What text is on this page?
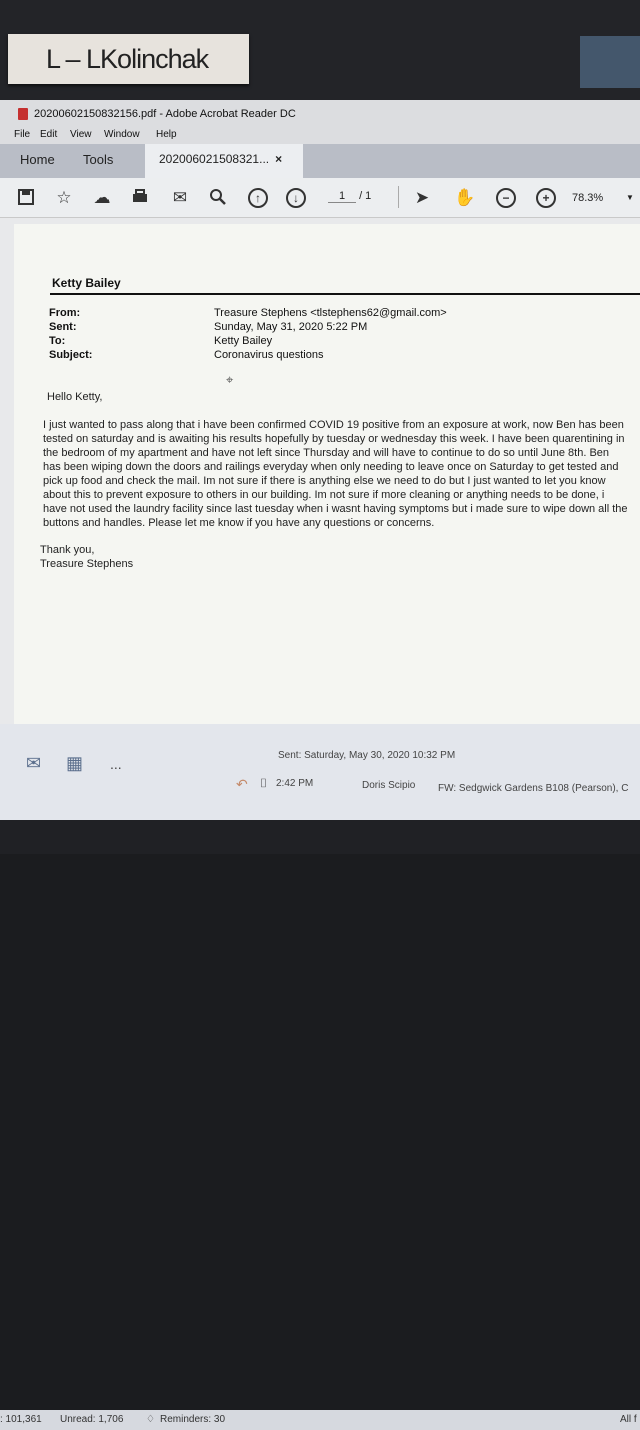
L – LKolinchak
20200602150832156.pdf - Adobe Acrobat Reader DC
File Edit View Window Help
Home Tools	202006021508321... ×
☆ ☁	✉	↑	↓	1 / 1	➤ ✋	−	+	78.3%	▼
Ketty Bailey
From:	Treasure Stephens <tlstephens62@gmail.com>
Sent:	Sunday, May 31, 2020 5:22 PM
To:	Ketty Bailey
Subject:	Coronavirus questions
⌖
Hello Ketty,
I just wanted to pass along that i have been confirmed COVID 19 positive from an exposure at work, now Ben has been
tested on saturday and is awaiting his results hopefully by tuesday or wednesday this week. I have been quarentining in
the bedroom of my apartment and have not left since Thursday and will have to continue to do so until June 8th. Ben
has been wiping down the doors and railings everyday when only needing to leave once on Saturday to get tested and
pick up food and check the mail. Im not sure if there is anything else we need to do but I just wanted to let you know
about this to prevent exposure to others in our building. Im not sure if more cleaning or anything needs to be done, i
have not used the laundry facility since last tuesday when i wasnt having symptoms but i made sure to wipe down all the
buttons and handles. Please let me know if you have any questions or concerns.
Thank you,
Treasure Stephens
✉ ▦ ...
Sent: Saturday, May 30, 2020 10:32 PM
↶ ⌷ 2:42 PM	Doris Scipio FW: Sedgwick Gardens B108 (Pearson), C
: 101,361 Unread: 1,706 ♢ Reminders: 30	All f
